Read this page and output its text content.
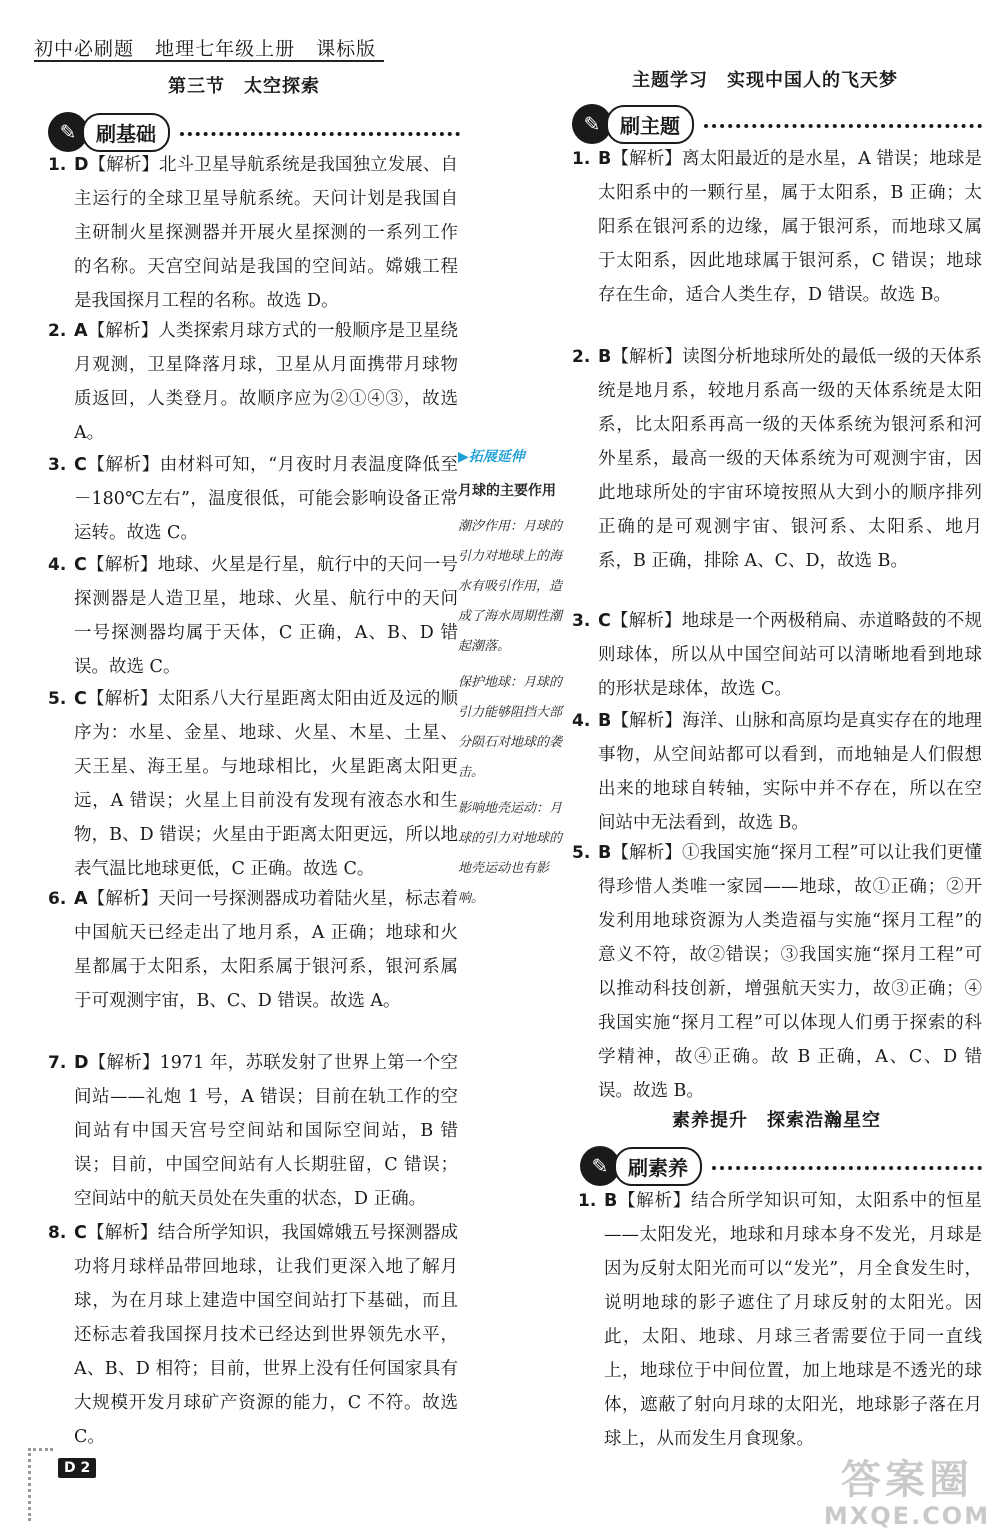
初中必刷题 地理七年级上册 课标版
第三节　太空探索
✎ 刷基础
1. D【解析】北斗卫星导航系统是我国独立发展、自主运行的全球卫星导航系统。天问计划是我国自主研制火星探测器并开展火星探测的一系列工作的名称。天宫空间站是我国的空间站。嫦娥工程是我国探月工程的名称。故选 D。
2. A【解析】人类探索月球方式的一般顺序是卫星绕月观测，卫星降落月球，卫星从月面携带月球物质返回，人类登月。故顺序应为②①④③，故选 A。
3. C【解析】由材料可知，“月夜时月表温度降低至－180℃左右”，温度很低，可能会影响设备正常运转。故选 C。
4. C【解析】地球、火星是行星，航行中的天问一号探测器是人造卫星，地球、火星、航行中的天问一号探测器均属于天体，C 正确，A、B、D 错误。故选 C。
5. C【解析】太阳系八大行星距离太阳由近及远的顺序为：水星、金星、地球、火星、木星、土星、天王星、海王星。与地球相比，火星距离太阳更远，A 错误；火星上目前没有发现有液态水和生物，B、D 错误；火星由于距离太阳更远，所以地表气温比地球更低，C 正确。故选 C。
6. A【解析】天问一号探测器成功着陆火星，标志着中国航天已经走出了地月系，A 正确；地球和火星都属于太阳系，太阳系属于银河系，银河系属于可观测宇宙，B、C、D 错误。故选 A。
7. D【解析】1971 年，苏联发射了世界上第一个空间站——礼炮 1 号，A 错误；目前在轨工作的空间站有中国天宫号空间站和国际空间站，B 错误；目前，中国空间站有人长期驻留，C 错误；空间站中的航天员处在失重的状态，D 正确。
8. C【解析】结合所学知识，我国嫦娥五号探测器成功将月球样品带回地球，让我们更深入地了解月球，为在月球上建造中国空间站打下基础，而且还标志着我国探月技术已经达到世界领先水平，A、B、D 相符；目前，世界上没有任何国家具有大规模开发月球矿产资源的能力，C 不符。故选 C。
▶拓展延伸
月球的主要作用
潮汐作用：月球的引力对地球上的海水有吸引作用，造成了海水周期性潮起潮落。
保护地球：月球的引力能够阻挡大部分陨石对地球的袭击。
影响地壳运动：月球的引力对地球的地壳运动也有影响。
主题学习　实现中国人的飞天梦
✎ 刷主题
1. B【解析】离太阳最近的是水星，A 错误；地球是太阳系中的一颗行星，属于太阳系，B 正确；太阳系在银河系的边缘，属于银河系，而地球又属于太阳系，因此地球属于银河系，C 错误；地球存在生命，适合人类生存，D 错误。故选 B。
2. B【解析】读图分析地球所处的最低一级的天体系统是地月系，较地月系高一级的天体系统是太阳系，比太阳系再高一级的天体系统为银河系和河外星系，最高一级的天体系统为可观测宇宙，因此地球所处的宇宙环境按照从大到小的顺序排列正确的是可观测宇宙、银河系、太阳系、地月系，B 正确，排除 A、C、D，故选 B。
3. C【解析】地球是一个两极稍扁、赤道略鼓的不规则球体，所以从中国空间站可以清晰地看到地球的形状是球体，故选 C。
4. B【解析】海洋、山脉和高原均是真实存在的地理事物，从空间站都可以看到，而地轴是人们假想出来的地球自转轴，实际中并不存在，所以在空间站中无法看到，故选 B。
5. B【解析】①我国实施“探月工程”可以让我们更懂得珍惜人类唯一家园——地球，故①正确；②开发利用地球资源为人类造福与实施“探月工程”的意义不符，故②错误；③我国实施“探月工程”可以推动科技创新，增强航天实力，故③正确；④我国实施“探月工程”可以体现人们勇于探索的科学精神，故④正确。故 B 正确，A、C、D 错误。故选 B。
素养提升　探索浩瀚星空
✎ 刷素养
1. B【解析】结合所学知识可知，太阳系中的恒星——太阳发光，地球和月球本身不发光，月球是因为反射太阳光而可以“发光”，月全食发生时，说明地球的影子遮住了月球反射的太阳光。因此，太阳、地球、月球三者需要位于同一直线上，地球位于中间位置，加上地球是不透光的球体，遮蔽了射向月球的太阳光，地球影子落在月球上，从而发生月食现象。
D 2	答案圈
MXQE.COM
